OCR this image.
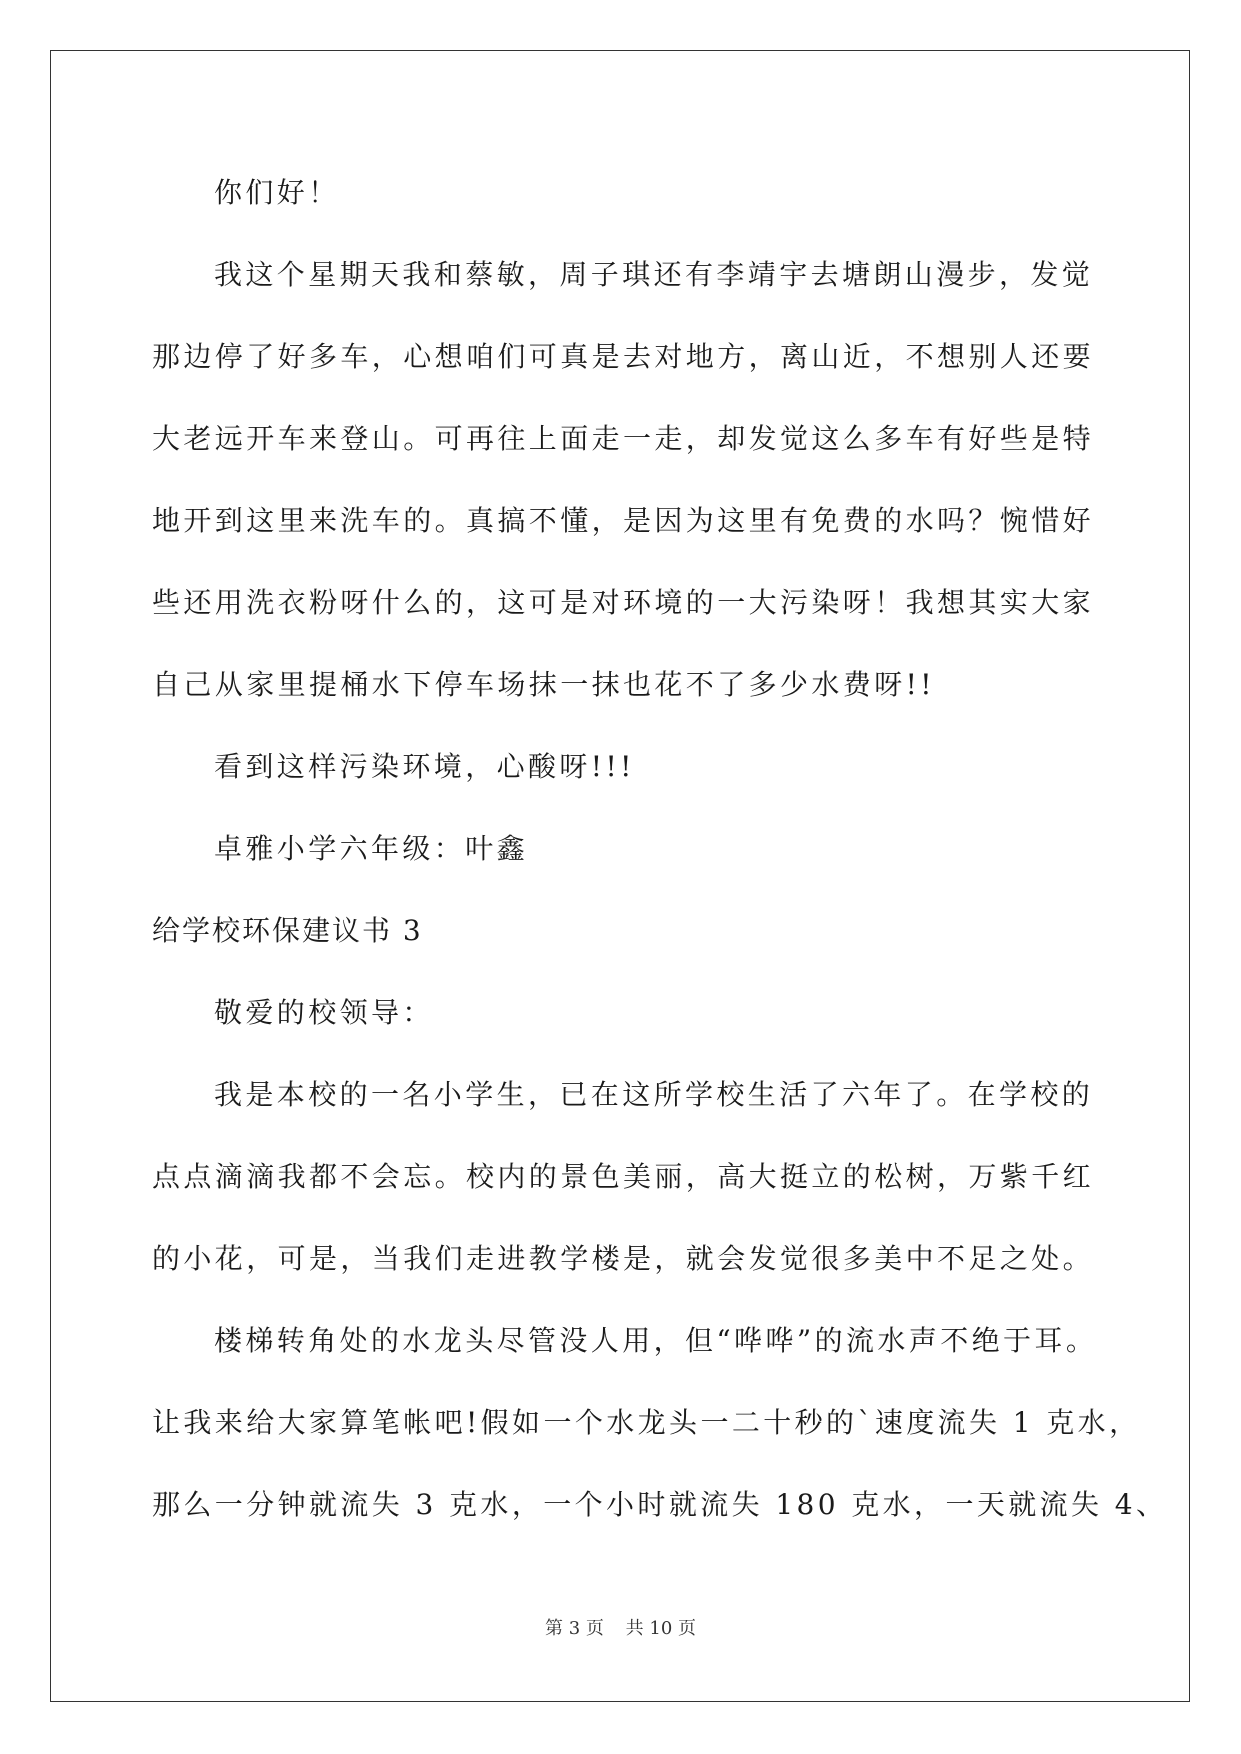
你们好！
我这个星期天我和蔡敏，周子琪还有李靖宇去塘朗山漫步，发觉
那边停了好多车，心想咱们可真是去对地方，离山近，不想别人还要
大老远开车来登山。可再往上面走一走，却发觉这么多车有好些是特
地开到这里来洗车的。真搞不懂，是因为这里有免费的水吗？惋惜好
些还用洗衣粉呀什么的，这可是对环境的一大污染呀！我想其实大家
自己从家里提桶水下停车场抹一抹也花不了多少水费呀!!
看到这样污染环境，心酸呀!!!
卓雅小学六年级：叶鑫
给学校环保建议书 3
敬爱的校领导：
我是本校的一名小学生，已在这所学校生活了六年了。在学校的
点点滴滴我都不会忘。校内的景色美丽，高大挺立的松树，万紫千红
的小花，可是，当我们走进教学楼是，就会发觉很多美中不足之处。
楼梯转角处的水龙头尽管没人用，但“哗哗”的流水声不绝于耳。
让我来给大家算笔帐吧!假如一个水龙头一二十秒的`速度流失 1 克水，
那么一分钟就流失 3 克水，一个小时就流失 180 克水，一天就流失 4、
第 3 页 共 10 页
